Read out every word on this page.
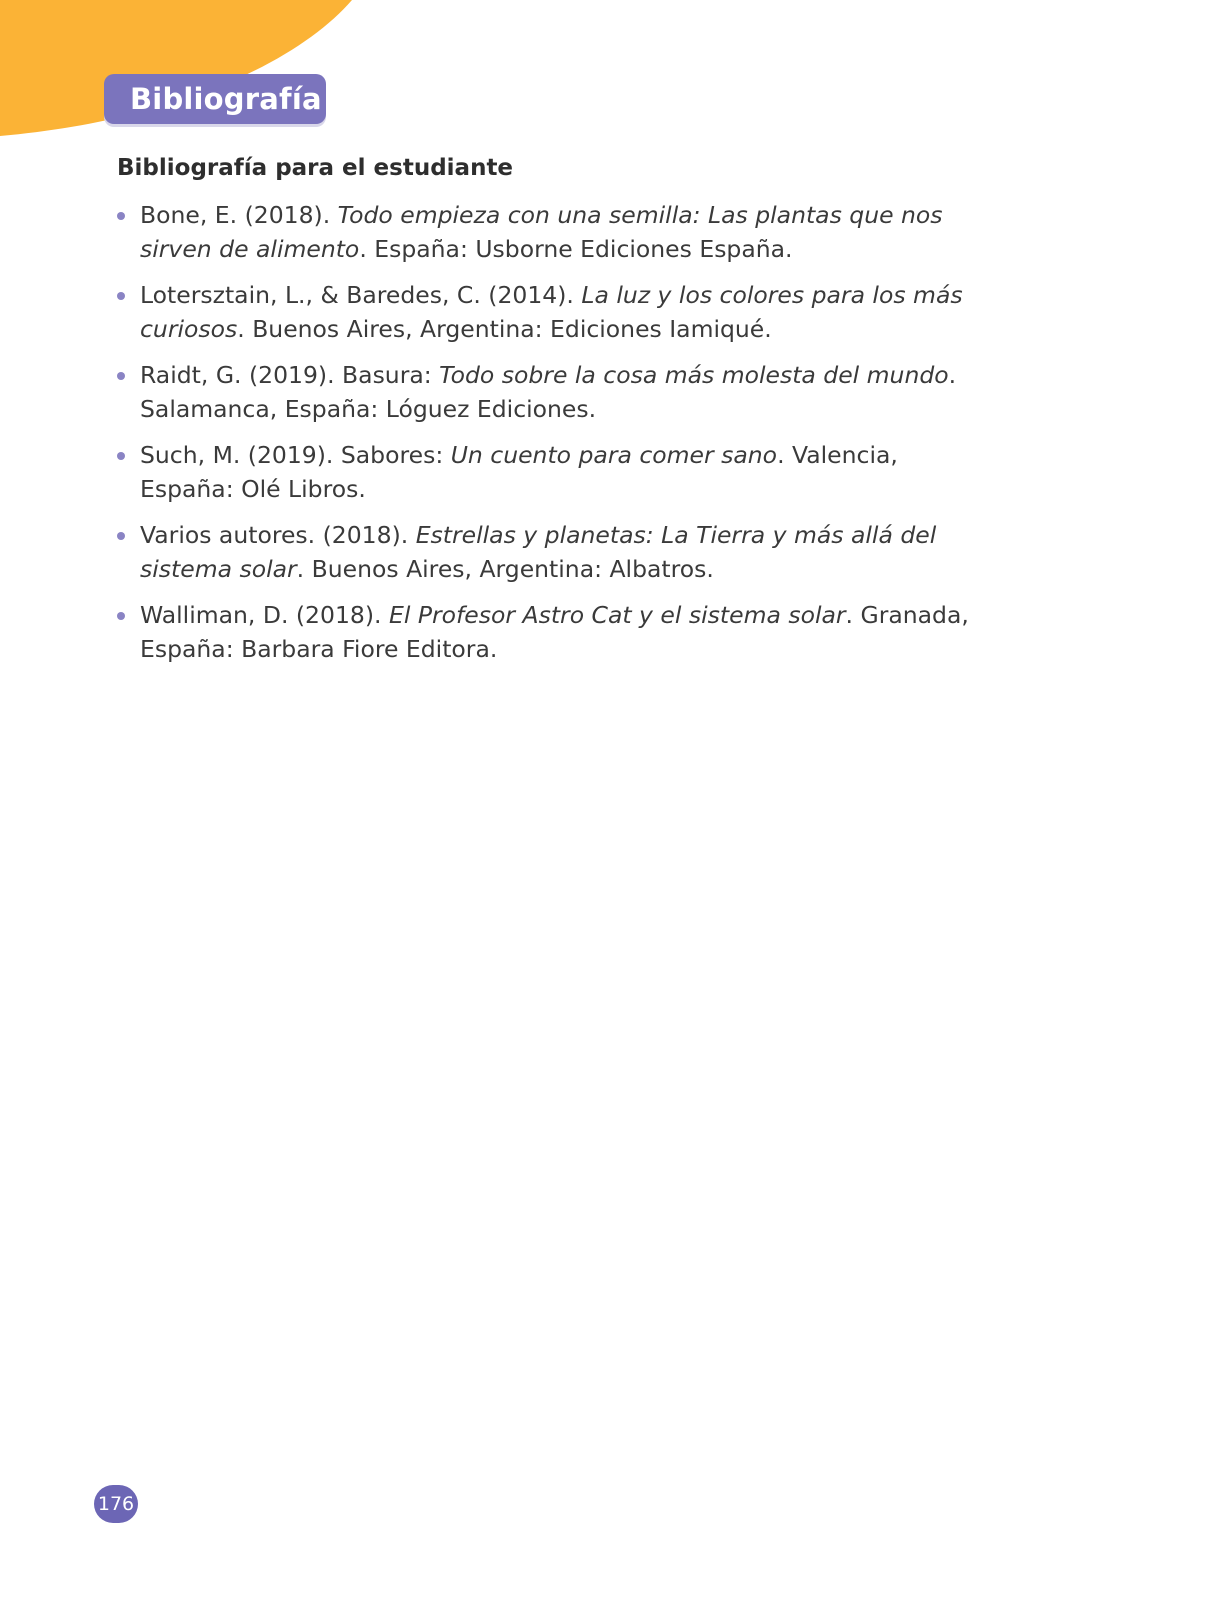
Bibliografía
Bibliografía para el estudiante
Bone, E. (2018). Todo empieza con una semilla: Las plantas que nos sirven de alimento. España: Usborne Ediciones España.
Lotersztain, L., & Baredes, C. (2014). La luz y los colores para los más curiosos. Buenos Aires, Argentina: Ediciones Iamiqué.
Raidt, G. (2019). Basura: Todo sobre la cosa más molesta del mundo. Salamanca, España: Lóguez Ediciones.
Such, M. (2019). Sabores: Un cuento para comer sano. Valencia, España: Olé Libros.
Varios autores. (2018). Estrellas y planetas: La Tierra y más allá del sistema solar. Buenos Aires, Argentina: Albatros.
Walliman, D. (2018). El Profesor Astro Cat y el sistema solar. Granada, España: Barbara Fiore Editora.
176
